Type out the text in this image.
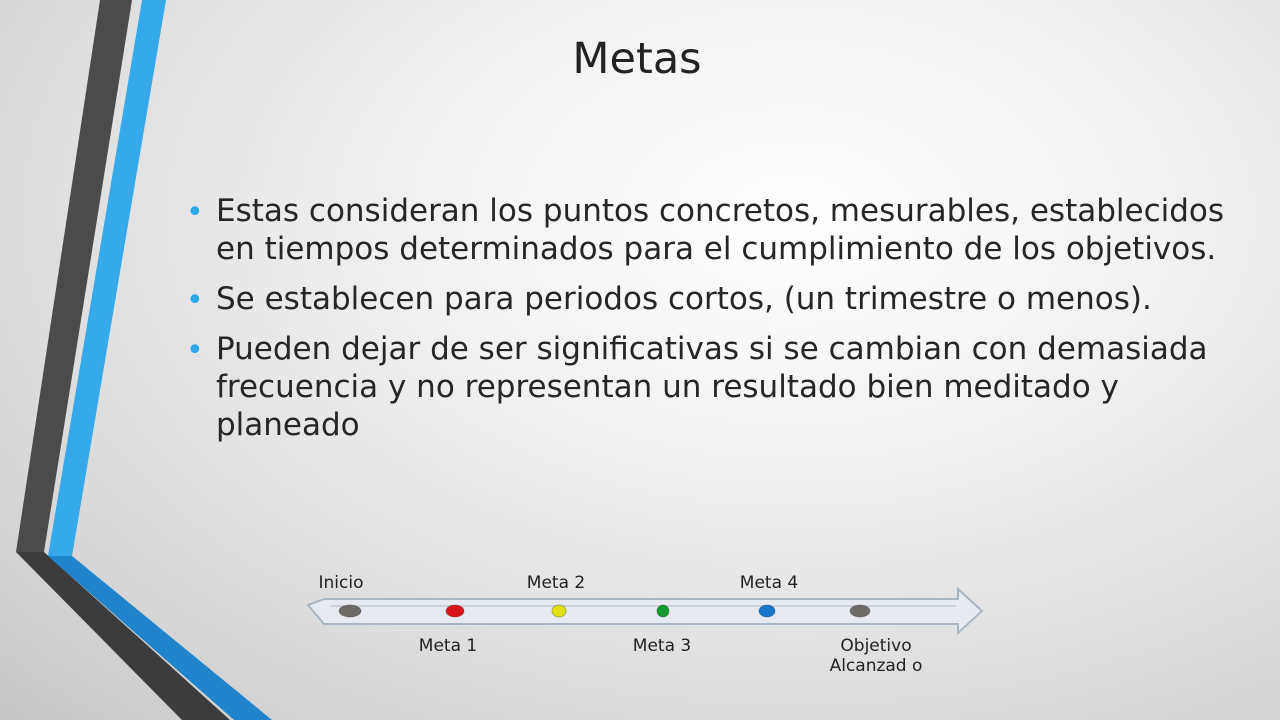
Metas
• Estas consideran los puntos concretos, mesurables, establecidos en tiempos determinados para el cumplimiento de los objetivos.
• Se establecen para periodos cortos, (un trimestre o menos).
• Pueden dejar de ser significativas si se cambian con demasiada frecuencia y no representan un resultado bien meditado y planeado
Inicio
Meta 1
Meta 2
Meta 3
Meta 4
Objetivo Alcanzad o
